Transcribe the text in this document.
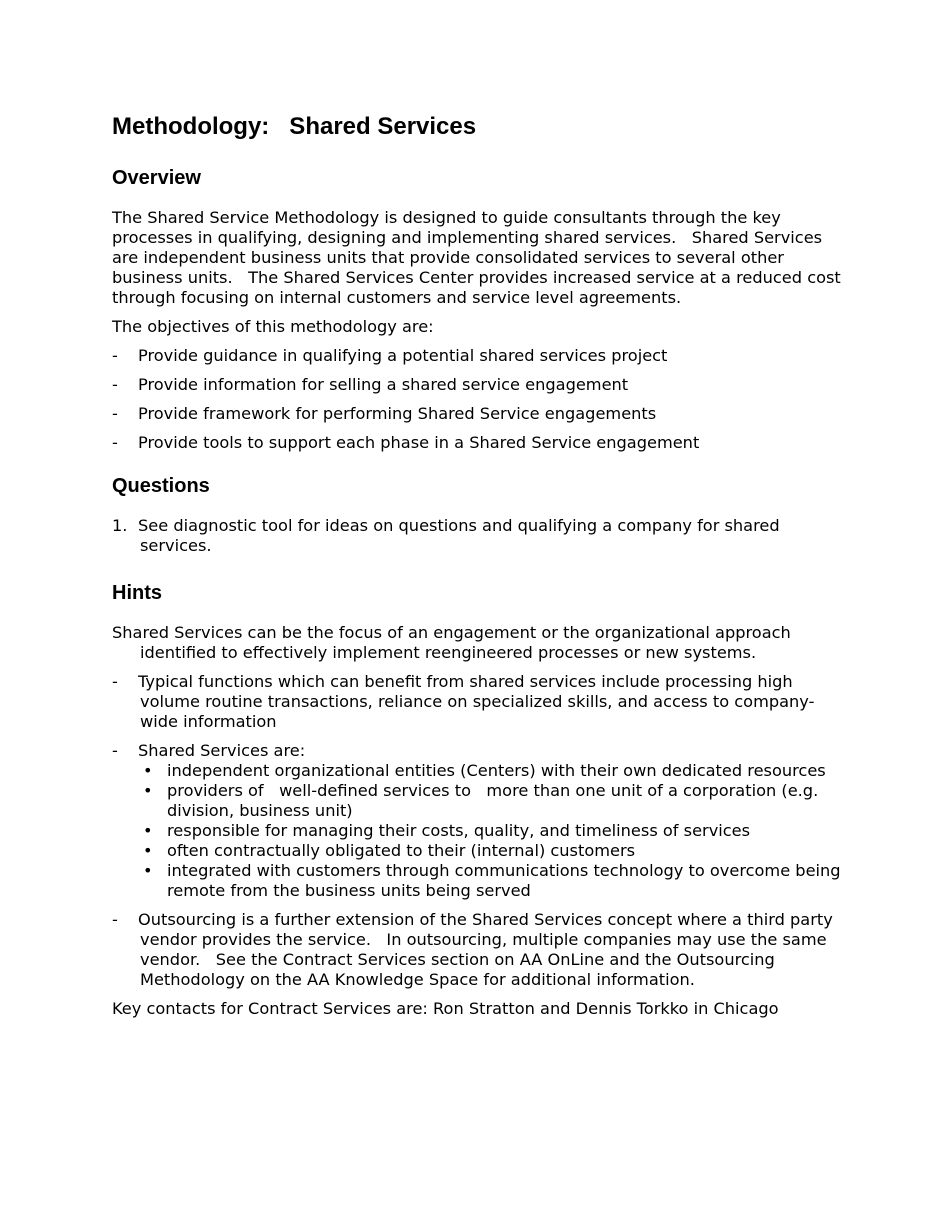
Methodology:   Shared Services
Overview

The Shared Service Methodology is designed to guide consultants through the key processes in qualifying, designing and implementing shared services.   Shared Services are independent business units that provide consolidated services to several other business units.   The Shared Services Center provides increased service at a reduced cost through focusing on internal customers and service level agreements.

The objectives of this methodology are:

- Provide guidance in qualifying a potential shared services project

- Provide information for selling a shared service engagement

- Provide framework for performing Shared Service engagements

- Provide tools to support each phase in a Shared Service engagement

Questions

1. See diagnostic tool for ideas on questions and qualifying a company for shared services.

Hints

Shared Services can be the focus of an engagement or the organizational approach identified to effectively implement reengineered processes or new systems.

- Typical functions which can benefit from shared services include processing high volume routine transactions, reliance on specialized skills, and access to company-wide information

- Shared Services are:

• independent organizational entities (Centers) with their own dedicated resources
• providers of   well-defined services to   more than one unit of a corporation (e.g. division, business unit)
• responsible for managing their costs, quality, and timeliness of services
• often contractually obligated to their (internal) customers
• integrated with customers through communications technology to overcome being remote from the business units being served

- Outsourcing is a further extension of the Shared Services concept where a third party vendor provides the service.   In outsourcing, multiple companies may use the same vendor.   See the Contract Services section on AA OnLine and the Outsourcing Methodology on the AA Knowledge Space for additional information.

Key contacts for Contract Services are: Ron Stratton and Dennis Torkko in Chicago
